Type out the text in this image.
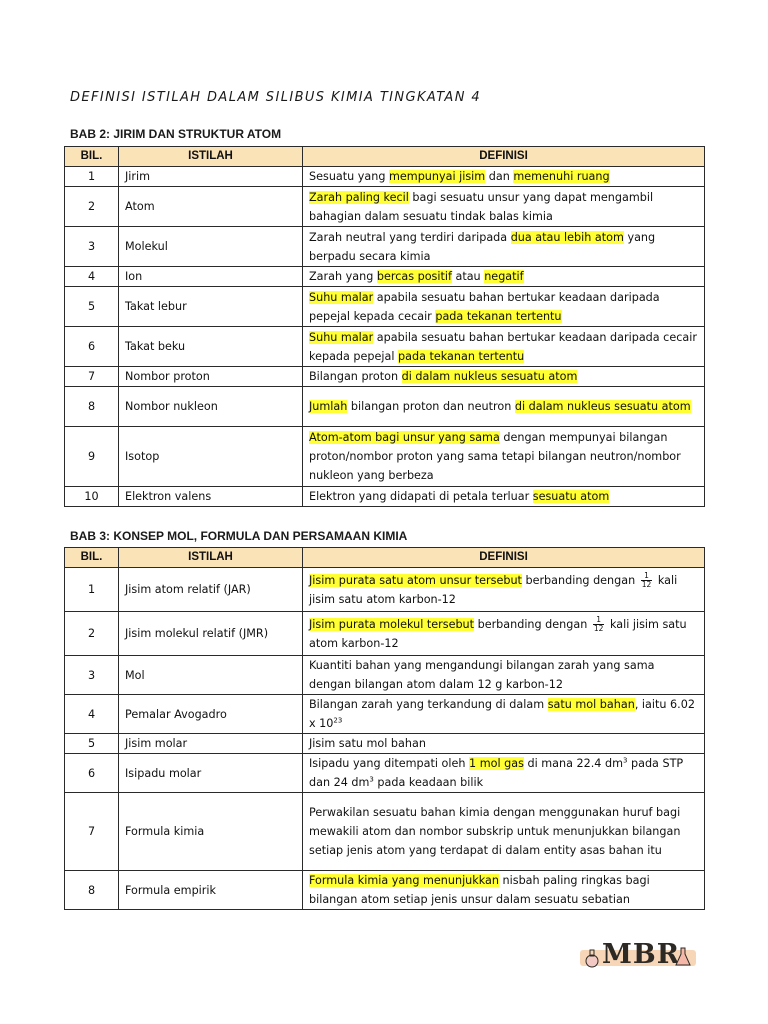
DEFINISI ISTILAH DALAM SILIBUS KIMIA TINGKATAN 4
BAB 2: JIRIM DAN STRUKTUR ATOM
BIL.	ISTILAH	DEFINISI
1	Jirim	Sesuatu yang mempunyai jisim dan memenuhi ruang
2	Atom	Zarah paling kecil bagi sesuatu unsur yang dapat mengambil bahagian dalam sesuatu tindak balas kimia
3	Molekul	Zarah neutral yang terdiri daripada dua atau lebih atom yang berpadu secara kimia
4	Ion	Zarah yang bercas positif atau negatif
5	Takat lebur	Suhu malar apabila sesuatu bahan bertukar keadaan daripada pepejal kepada cecair pada tekanan tertentu
6	Takat beku	Suhu malar apabila sesuatu bahan bertukar keadaan daripada cecair kepada pepejal pada tekanan tertentu
7	Nombor proton	Bilangan proton di dalam nukleus sesuatu atom
8	Nombor nukleon	Jumlah bilangan proton dan neutron di dalam nukleus sesuatu atom
9	Isotop	Atom-atom bagi unsur yang sama dengan mempunyai bilangan proton/nombor proton yang sama tetapi bilangan neutron/nombor nukleon yang berbeza
10	Elektron valens	Elektron yang didapati di petala terluar sesuatu atom
BAB 3: KONSEP MOL, FORMULA DAN PERSAMAAN KIMIA
BIL.	ISTILAH	DEFINISI
1	Jisim atom relatif (JAR)	Jisim purata satu atom unsur tersebut berbanding dengan $\frac{1}{12}$ kali jisim satu atom karbon-12
2	Jisim molekul relatif (JMR)	Jisim purata molekul tersebut berbanding dengan $\frac{1}{12}$ kali jisim satu atom karbon-12
3	Mol	Kuantiti bahan yang mengandungi bilangan zarah yang sama dengan bilangan atom dalam 12 g karbon-12
4	Pemalar Avogadro	Bilangan zarah yang terkandung di dalam satu mol bahan, iaitu 6.02 x $10^{23}$
5	Jisim molar	Jisim satu mol bahan
6	Isipadu molar	Isipadu yang ditempati oleh 1 mol gas di mana 22.4 $dm^3$ pada STP dan 24 $dm^3$ pada keadaan bilik
7	Formula kimia	Perwakilan sesuatu bahan kimia dengan menggunakan huruf bagi mewakili atom dan nombor subskrip untuk menunjukkan bilangan setiap jenis atom yang terdapat di dalam entity asas bahan itu
8	Formula empirik	Formula kimia yang menunjukkan nisbah paling ringkas bagi bilangan atom setiap jenis unsur dalam sesuatu sebatian
MBR
